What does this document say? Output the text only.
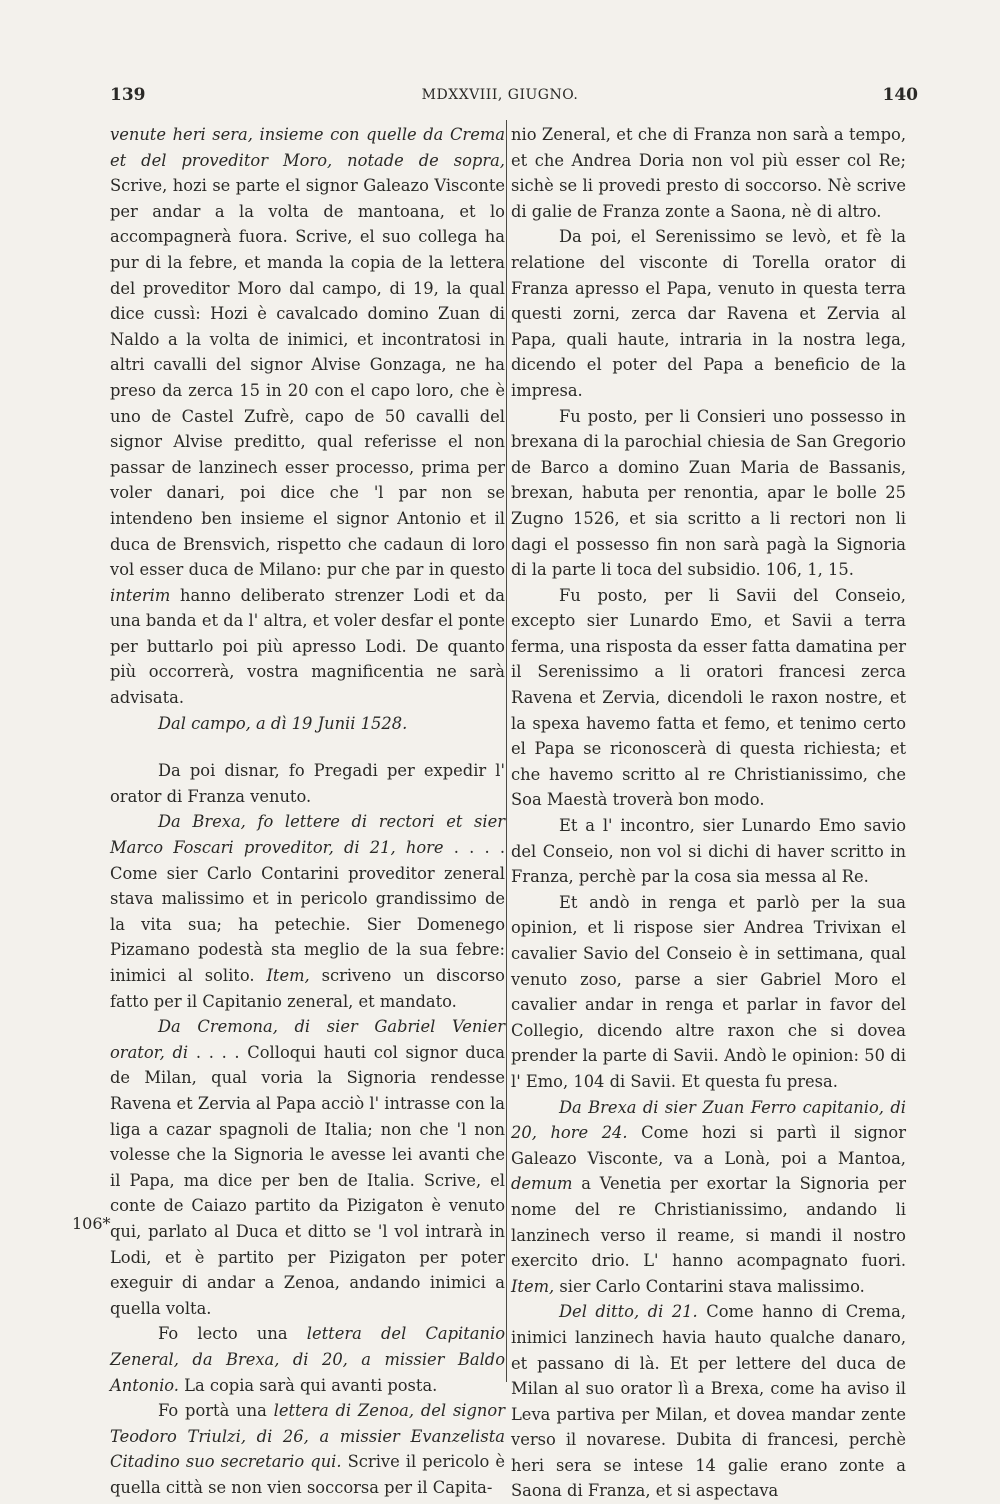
139	MDXXVIII, GIUGNO.	140
106*

venute heri sera, insieme con quelle da Crema et del proveditor Moro, notade de sopra, Scrive, hozi se parte el signor Galeazo Visconte per andar a la volta de mantoana, et lo accompagnerà fuora. Scrive, el suo collega ha pur di la febre, et manda la copia de la lettera del proveditor Moro dal campo, di 19, la qual dice cussì: Hozi è cavalcado domino Zuan di Naldo a la volta de inimici, et incontratosi in altri cavalli del signor Alvise Gonzaga, ne ha preso da zerca 15 in 20 con el capo loro, che è uno de Castel Zufrè, capo de 50 cavalli del signor Alvise preditto, qual referisse el non passar de lanzinech esser processo, prima per voler danari, poi dice che 'l par non se intendeno ben insieme el signor Antonio et il duca de Brensvich, rispetto che cadaun di loro vol esser duca de Milano: pur che par in questo interim hanno deliberato strenzer Lodi et da una banda et da l' altra, et voler desfar el ponte per buttarlo poi più apresso Lodi. De quanto più occorrerà, vostra magnificentia ne sarà advisata.

Dal campo, a dì 19 Junii 1528.

Da poi disnar, fo Pregadi per expedir l' orator di Franza venuto.

Da Brexa, fo lettere di rectori et sier Marco Foscari proveditor, di 21, hore . . . . Come sier Carlo Contarini proveditor zeneral stava malissimo et in pericolo grandissimo de la vita sua; ha petechie. Sier Domenego Pizamano podestà sta meglio de la sua febre: inimici al solito. Item, scriveno un discorso fatto per il Capitanio zeneral, et mandato.

Da Cremona, di sier Gabriel Venier orator, di . . . . Colloqui hauti col signor duca de Milan, qual voria la Signoria rendesse Ravena et Zervia al Papa acciò l' intrasse con la liga a cazar spagnoli de Italia; non che 'l non volesse che la Signoria le avesse lei avanti che il Papa, ma dice per ben de Italia. Scrive, el conte de Caiazo partito da Pizigaton è venuto qui, parlato al Duca et ditto se 'l vol intrarà in Lodi, et è partito per Pizigaton per poter exeguir di andar a Zenoa, andando inimici a quella volta.

Fo lecto una lettera del Capitanio Zeneral, da Brexa, di 20, a missier Baldo Antonio. La copia sarà qui avanti posta.

Fo portà una lettera di Zenoa, del signor Teodoro Triulzi, di 26, a missier Evanzelista Citadino suo secretario qui. Scrive il pericolo è quella città se non vien soccorsa per il Capita-

nio Zeneral, et che di Franza non sarà a tempo, et che Andrea Doria non vol più esser col Re; sichè se li provedi presto di soccorso. Nè scrive di galie de Franza zonte a Saona, nè di altro.

Da poi, el Serenissimo se levò, et fè la relatione del visconte di Torella orator di Franza apresso el Papa, venuto in questa terra questi zorni, zerca dar Ravena et Zervia al Papa, quali haute, intraria in la nostra lega, dicendo el poter del Papa a beneficio de la impresa.

Fu posto, per li Consieri uno possesso in brexana di la parochial chiesia de San Gregorio de Barco a domino Zuan Maria de Bassanis, brexan, habuta per renontia, apar le bolle 25 Zugno 1526, et sia scritto a li rectori non li dagi el possesso fin non sarà pagà la Signoria di la parte li toca del subsidio. 106, 1, 15.

Fu posto, per li Savii del Conseio, excepto sier Lunardo Emo, et Savii a terra ferma, una risposta da esser fatta damatina per il Serenissimo a li oratori francesi zerca Ravena et Zervia, dicendoli le raxon nostre, et la spexa havemo fatta et femo, et tenimo certo el Papa se riconoscerà di questa richiesta; et che havemo scritto al re Christianissimo, che Soa Maestà troverà bon modo.

Et a l' incontro, sier Lunardo Emo savio del Conseio, non vol si dichi di haver scritto in Franza, perchè par la cosa sia messa al Re.

Et andò in renga et parlò per la sua opinion, et li rispose sier Andrea Trivixan el cavalier Savio del Conseio è in settimana, qual venuto zoso, parse a sier Gabriel Moro el cavalier andar in renga et parlar in favor del Collegio, dicendo altre raxon che si dovea prender la parte di Savii. Andò le opinion: 50 di l' Emo, 104 di Savii. Et questa fu presa.

Da Brexa di sier Zuan Ferro capitanio, di 20, hore 24. Come hozi si partì il signor Galeazo Visconte, va a Lonà, poi a Mantoa, demum a Venetia per exortar la Signoria per nome del re Christianissimo, andando li lanzinech verso il reame, si mandi il nostro exercito drio. L' hanno acompagnato fuori. Item, sier Carlo Contarini stava malissimo.

Del ditto, di 21. Come hanno di Crema, inimici lanzinech havia hauto qualche danaro, et passano di là. Et per lettere del duca de Milan al suo orator lì a Brexa, come ha aviso il Leva partiva per Milan, et dovea mandar zente verso il novarese. Dubita di francesi, perchè heri sera se intese 14 galie erano zonte a Saona di Franza, et si aspectava
